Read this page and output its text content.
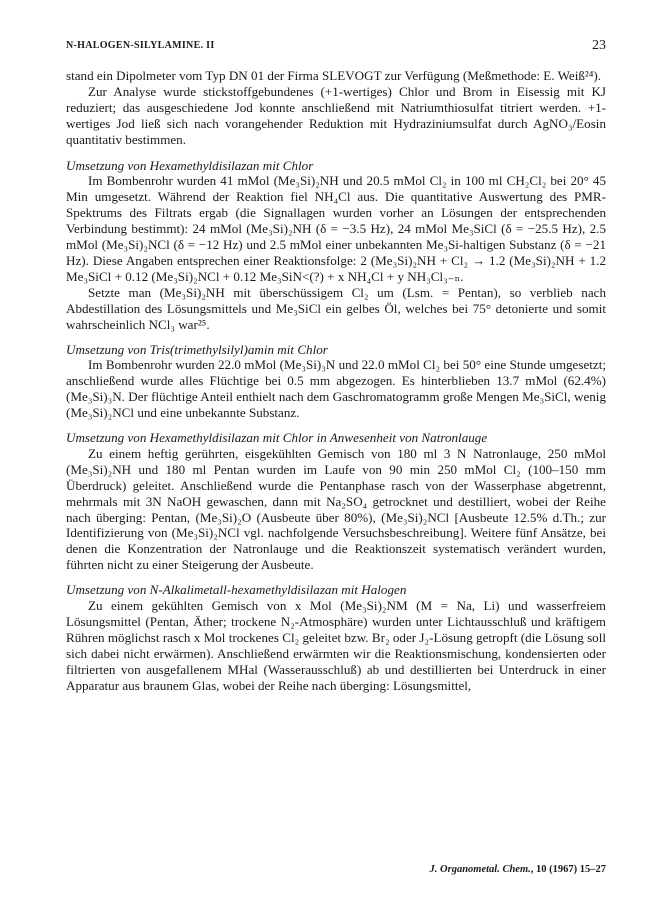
N-HALOGEN-SILYLAMINE. II	23

stand ein Dipolmeter vom Typ DN 01 der Firma SLEVOGT zur Verfügung (Meßmethode: E. Weiß²⁴).

Zur Analyse wurde stickstoffgebundenes (+1-wertiges) Chlor und Brom in Eisessig mit KJ reduziert; das ausgeschiedene Jod konnte anschließend mit Natriumthiosulfat titriert werden. +1-wertiges Jod ließ sich nach vorangehender Reduktion mit Hydraziniumsulfat durch AgNO₃/Eosin quantitativ bestimmen.

Umsetzung von Hexamethyldisilazan mit Chlor

Im Bombenrohr wurden 41 mMol (Me₃Si)₂NH und 20.5 mMol Cl₂ in 100 ml CH₂Cl₂ bei 20° 45 Min umgesetzt. Während der Reaktion fiel NH₄Cl aus. Die quantitative Auswertung des PMR-Spektrums des Filtrats ergab (die Signallagen wurden vorher an Lösungen der entsprechenden Verbindung bestimmt): 24 mMol (Me₃Si)₂NH (δ = −3.5 Hz), 24 mMol Me₃SiCl (δ = −25.5 Hz), 2.5 mMol (Me₃Si)₂NCl (δ = −12 Hz) und 2.5 mMol einer unbekannten Me₃Si-haltigen Substanz (δ = −21 Hz). Diese Angaben entsprechen einer Reaktionsfolge: 2 (Me₃Si)₂NH + Cl₂ → 1.2 (Me₃Si)₂NH + 1.2 Me₃SiCl + 0.12 (Me₃Si)₂NCl + 0.12 Me₃SiN<(?) + x NH₄Cl + y NH₃Cl₃₋ₙ.

Setzte man (Me₃Si)₂NH mit überschüssigem Cl₂ um (Lsm. = Pentan), so verblieb nach Abdestillation des Lösungsmittels und Me₃SiCl ein gelbes Öl, welches bei 75° detonierte und somit wahrscheinlich NCl₃ war²⁵.

Umsetzung von Tris(trimethylsilyl)amin mit Chlor

Im Bombenrohr wurden 22.0 mMol (Me₃Si)₃N und 22.0 mMol Cl₂ bei 50° eine Stunde umgesetzt; anschließend wurde alles Flüchtige bei 0.5 mm abgezogen. Es hinterblieben 13.7 mMol (62.4%) (Me₃Si)₃N. Der flüchtige Anteil enthielt nach dem Gaschromatogramm große Mengen Me₃SiCl, wenig (Me₃Si)₂NCl und eine unbekannte Substanz.

Umsetzung von Hexamethyldisilazan mit Chlor in Anwesenheit von Natronlauge

Zu einem heftig gerührten, eisgekühlten Gemisch von 180 ml 3 N Natronlauge, 250 mMol (Me₃Si)₂NH und 180 ml Pentan wurden im Laufe von 90 min 250 mMol Cl₂ (100–150 mm Überdruck) geleitet. Anschließend wurde die Pentanphase rasch von der Wasserphase abgetrennt, mehrmals mit 3N NaOH gewaschen, dann mit Na₂SO₄ getrocknet und destilliert, wobei der Reihe nach überging: Pentan, (Me₃Si)₂O (Ausbeute über 80%), (Me₃Si)₂NCl [Ausbeute 12.5% d.Th.; zur Identifizierung von (Me₃Si)₂NCl vgl. nachfolgende Versuchsbeschreibung]. Weitere fünf Ansätze, bei denen die Konzentration der Natronlauge und die Reaktionszeit systematisch verändert wurden, führten nicht zu einer Steigerung der Ausbeute.

Umsetzung von N-Alkalimetall-hexamethyldisilazan mit Halogen

Zu einem gekühlten Gemisch von x Mol (Me₃Si)₂NM (M = Na, Li) und wasserfreiem Lösungsmittel (Pentan, Äther; trockene N₂-Atmosphäre) wurden unter Lichtausschluß und kräftigem Rühren möglichst rasch x Mol trockenes Cl₂ geleitet bzw. Br₂ oder J₂-Lösung getropft (die Lösung soll sich dabei nicht erwärmen). Anschließend erwärmten wir die Reaktionsmischung, kondensierten oder filtrierten von ausgefallenem MHal (Wasserausschluß) ab und destillierten bei Unterdruck in einer Apparatur aus braunem Glas, wobei der Reihe nach überging: Lösungsmittel,

J. Organometal. Chem., 10 (1967) 15–27
